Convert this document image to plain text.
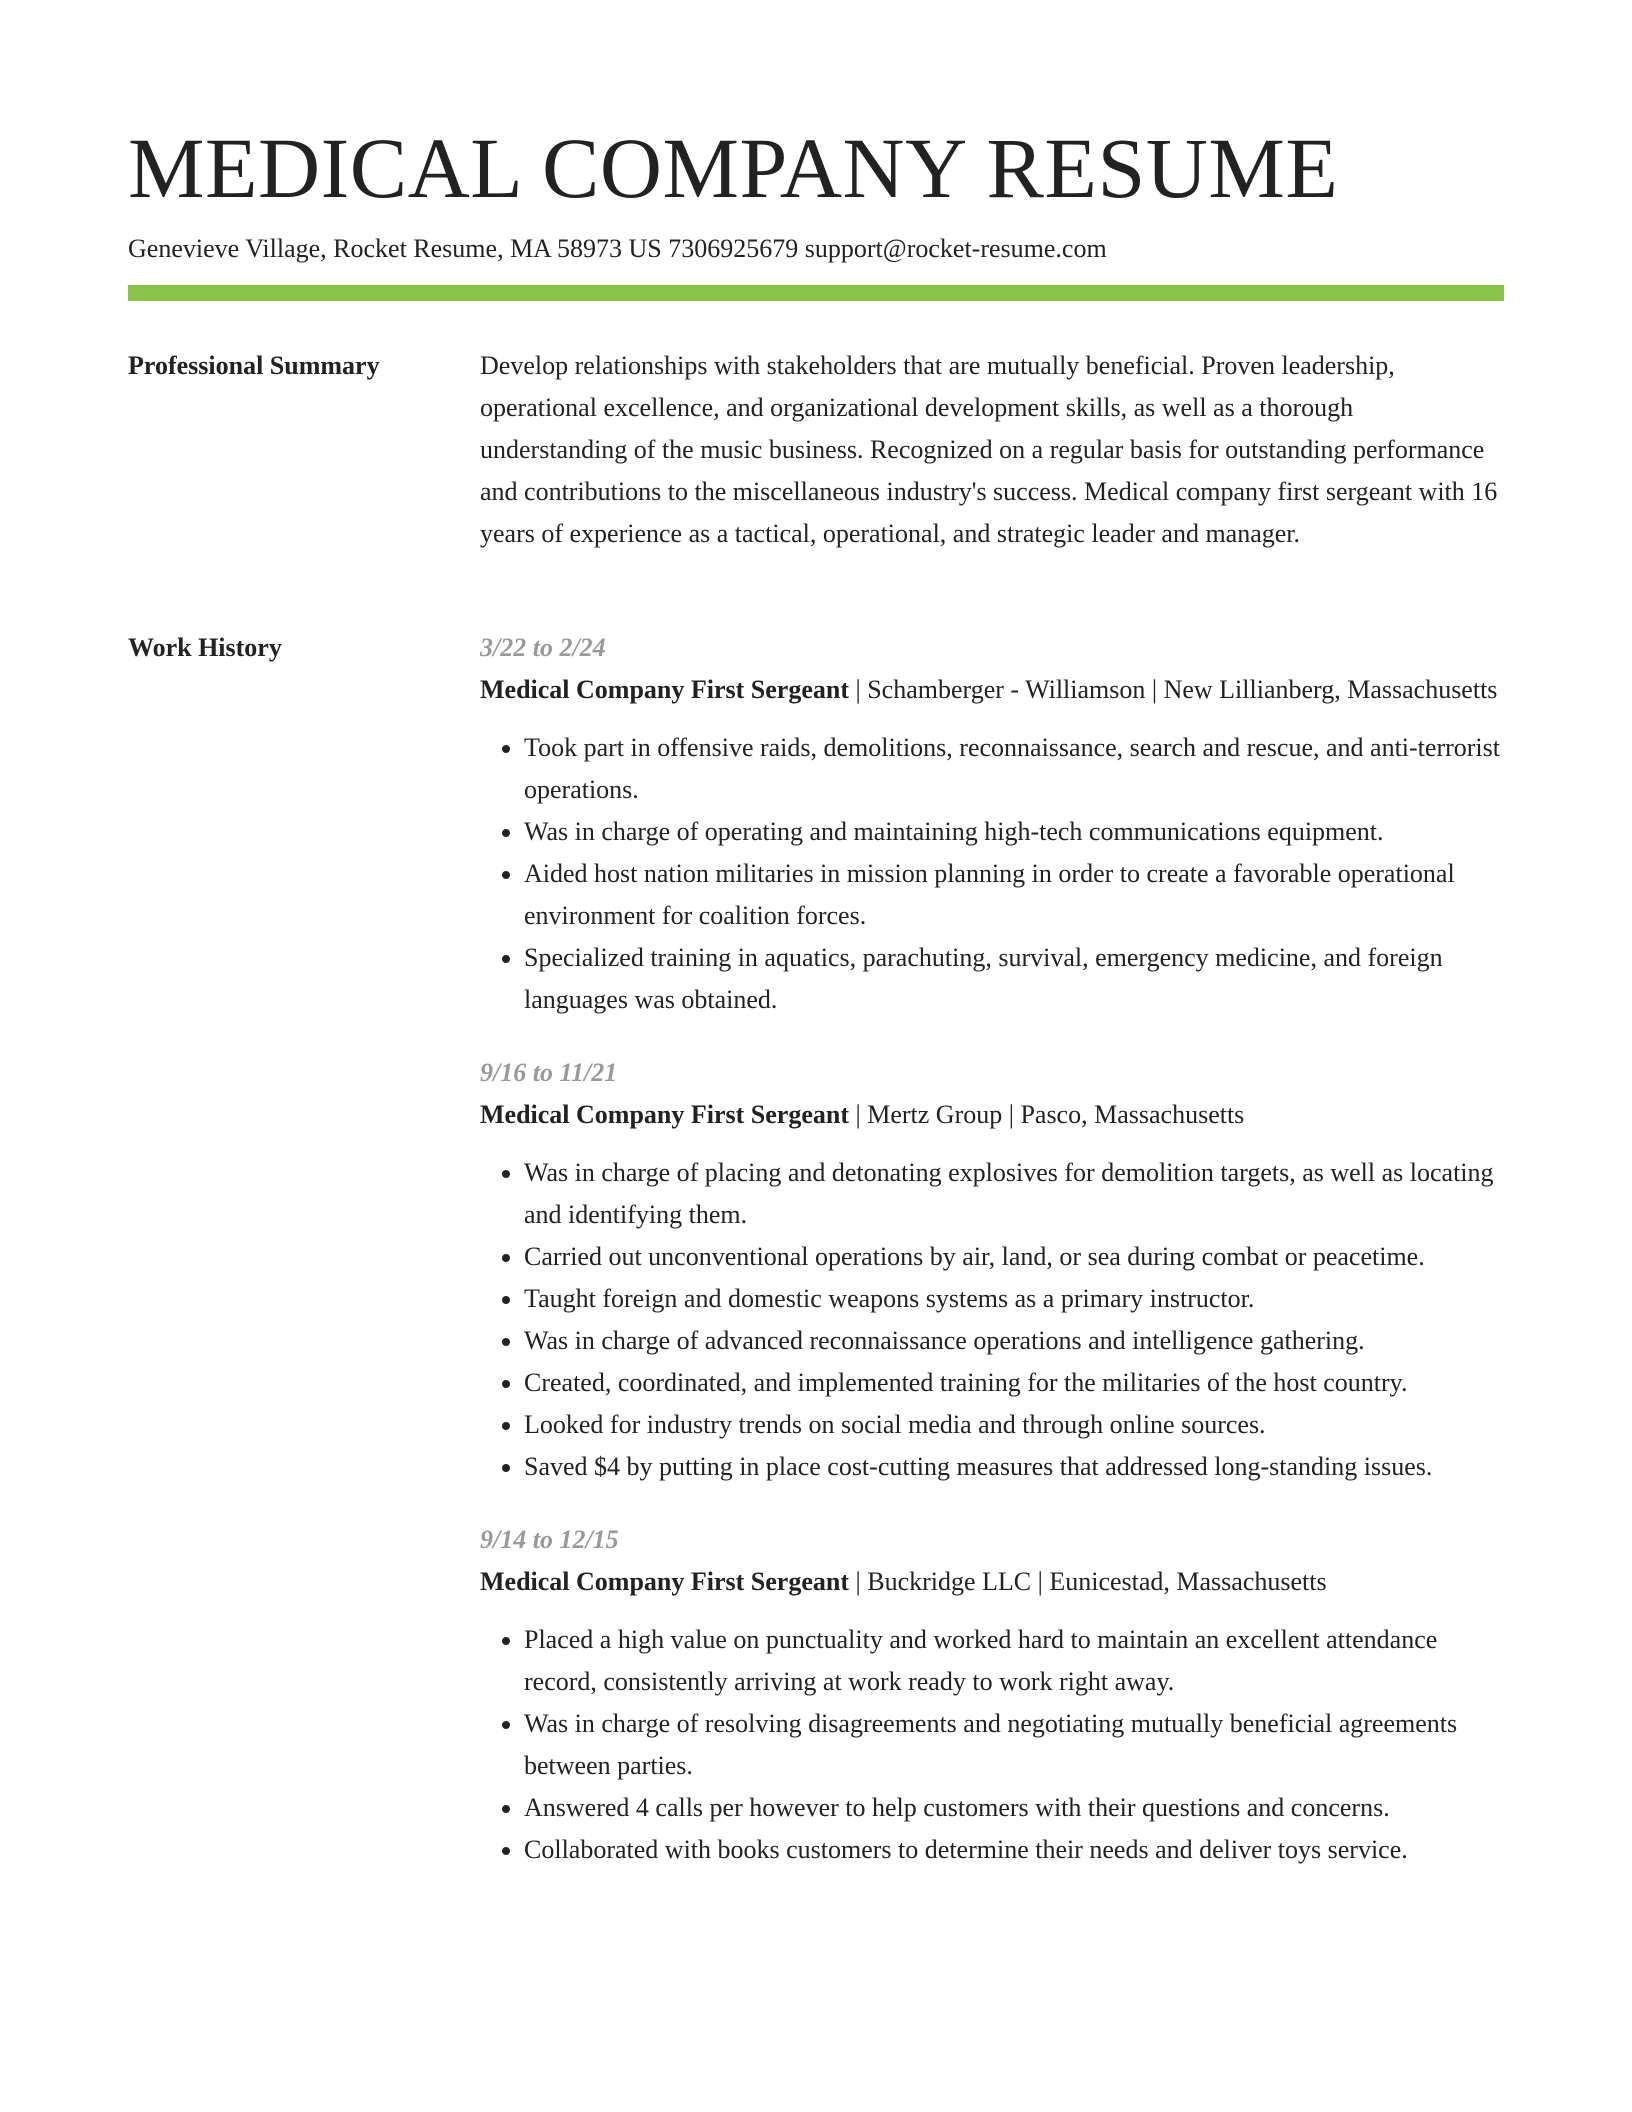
MEDICAL COMPANY RESUME
Genevieve Village, Rocket Resume, MA 58973 US 7306925679 support@rocket-resume.com
Professional Summary	Develop relationships with stakeholders that are mutually beneficial. Proven leadership, operational excellence, and organizational development skills, as well as a thorough understanding of the music business. Recognized on a regular basis for outstanding performance and contributions to the miscellaneous industry's success. Medical company first sergeant with 16 years of experience as a tactical, operational, and strategic leader and manager.

Work History	3/22 to 2/24
Medical Company First Sergeant | Schamberger - Williamson | New Lillianberg, Massachusetts
• Took part in offensive raids, demolitions, reconnaissance, search and rescue, and anti-terrorist operations.
• Was in charge of operating and maintaining high-tech communications equipment.
• Aided host nation militaries in mission planning in order to create a favorable operational environment for coalition forces.
• Specialized training in aquatics, parachuting, survival, emergency medicine, and foreign languages was obtained.
9/16 to 11/21
Medical Company First Sergeant | Mertz Group | Pasco, Massachusetts
• Was in charge of placing and detonating explosives for demolition targets, as well as locating and identifying them.
• Carried out unconventional operations by air, land, or sea during combat or peacetime.
• Taught foreign and domestic weapons systems as a primary instructor.
• Was in charge of advanced reconnaissance operations and intelligence gathering.
• Created, coordinated, and implemented training for the militaries of the host country.
• Looked for industry trends on social media and through online sources.
• Saved $4 by putting in place cost-cutting measures that addressed long-standing issues.
9/14 to 12/15
Medical Company First Sergeant | Buckridge LLC | Eunicestad, Massachusetts
• Placed a high value on punctuality and worked hard to maintain an excellent attendance record, consistently arriving at work ready to work right away.
• Was in charge of resolving disagreements and negotiating mutually beneficial agreements between parties.
• Answered 4 calls per however to help customers with their questions and concerns.
• Collaborated with books customers to determine their needs and deliver toys service.
